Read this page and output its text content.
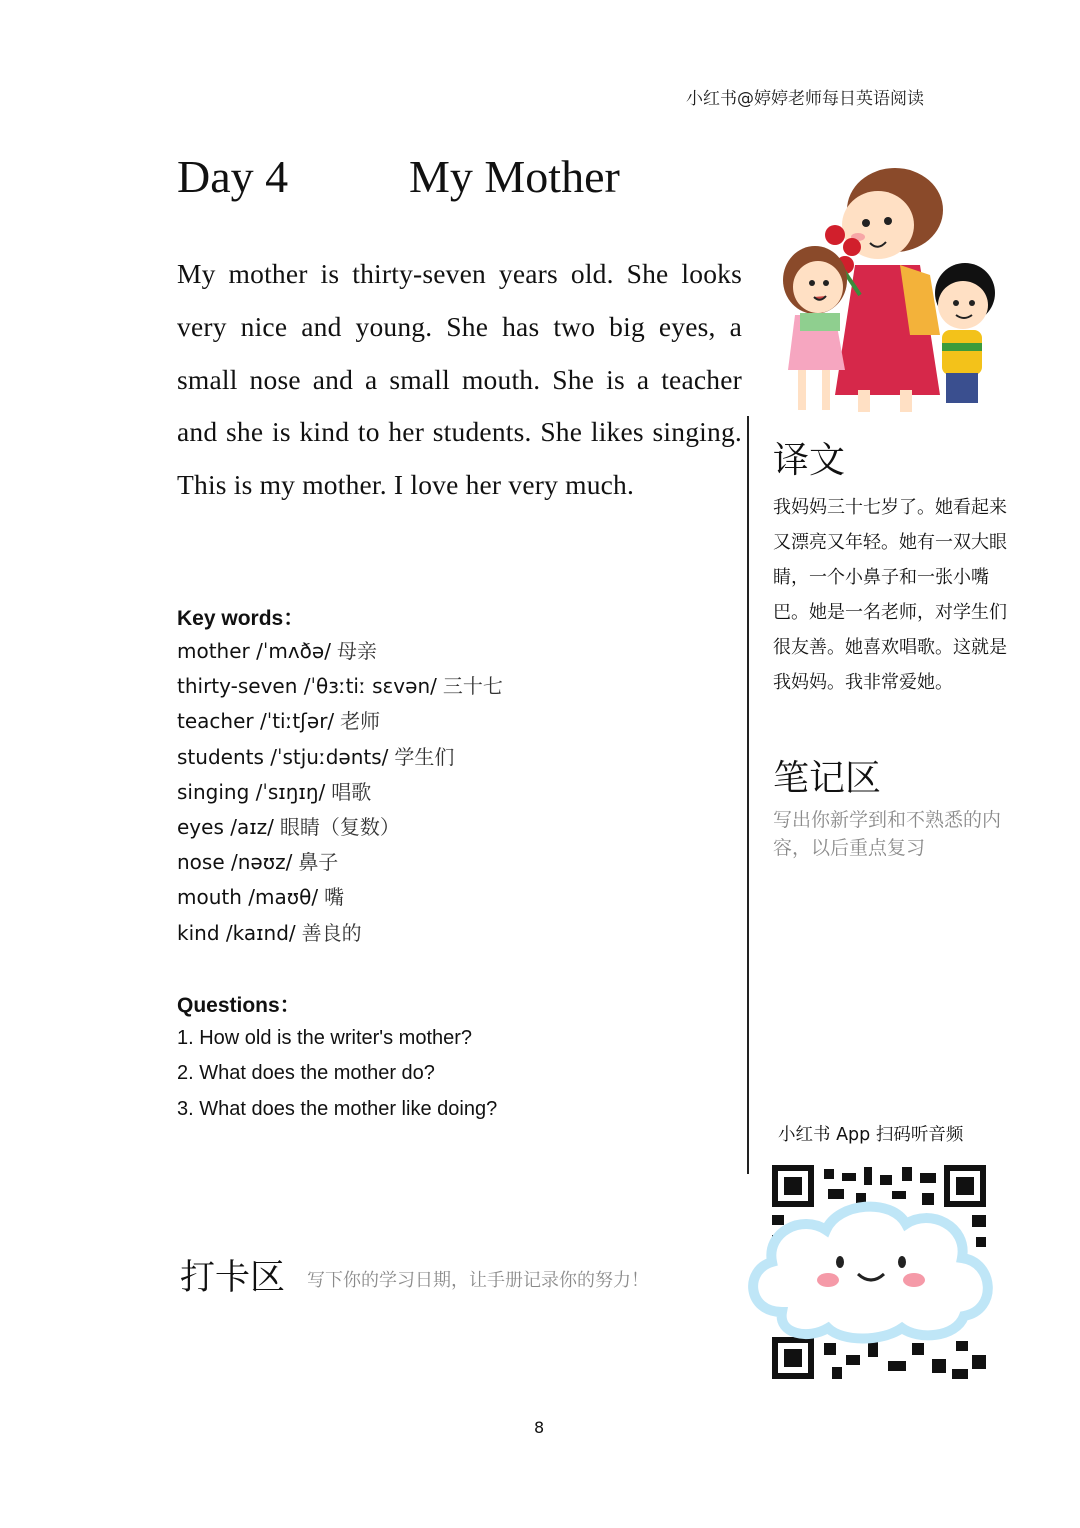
小红书@婷婷老师每日英语阅读
Day 4	My Mother
My mother is thirty-seven years old. She looks very nice and young. She has two big eyes, a small nose and a small mouth. She is a teacher and she is kind to her students. She likes singing. This is my mother. I love her very much.
Key words：
mother /ˈmʌðə/ 母亲
thirty-seven /ˈθɜːtiː sɛvən/ 三十七
teacher /ˈtiːtʃər/ 老师
students /ˈstjuːdənts/ 学生们
singing /ˈsɪŋɪŋ/ 唱歌
eyes /aɪz/ 眼睛（复数）
nose /nəʊz/ 鼻子
mouth /maʊθ/ 嘴
kind /kaɪnd/ 善良的
Questions：
1. How old is the writer's mother?
2. What does the mother do?
3. What does the mother like doing?
打卡区 写下你的学习日期，让手册记录你的努力！
译文
我妈妈三十七岁了。她看起来又漂亮又年轻。她有一双大眼睛，一个小鼻子和一张小嘴巴。她是一名老师，对学生们很友善。她喜欢唱歌。这就是我妈妈。我非常爱她。
笔记区
写出你新学到和不熟悉的内容，以后重点复习
小红书 App 扫码听音频
8
